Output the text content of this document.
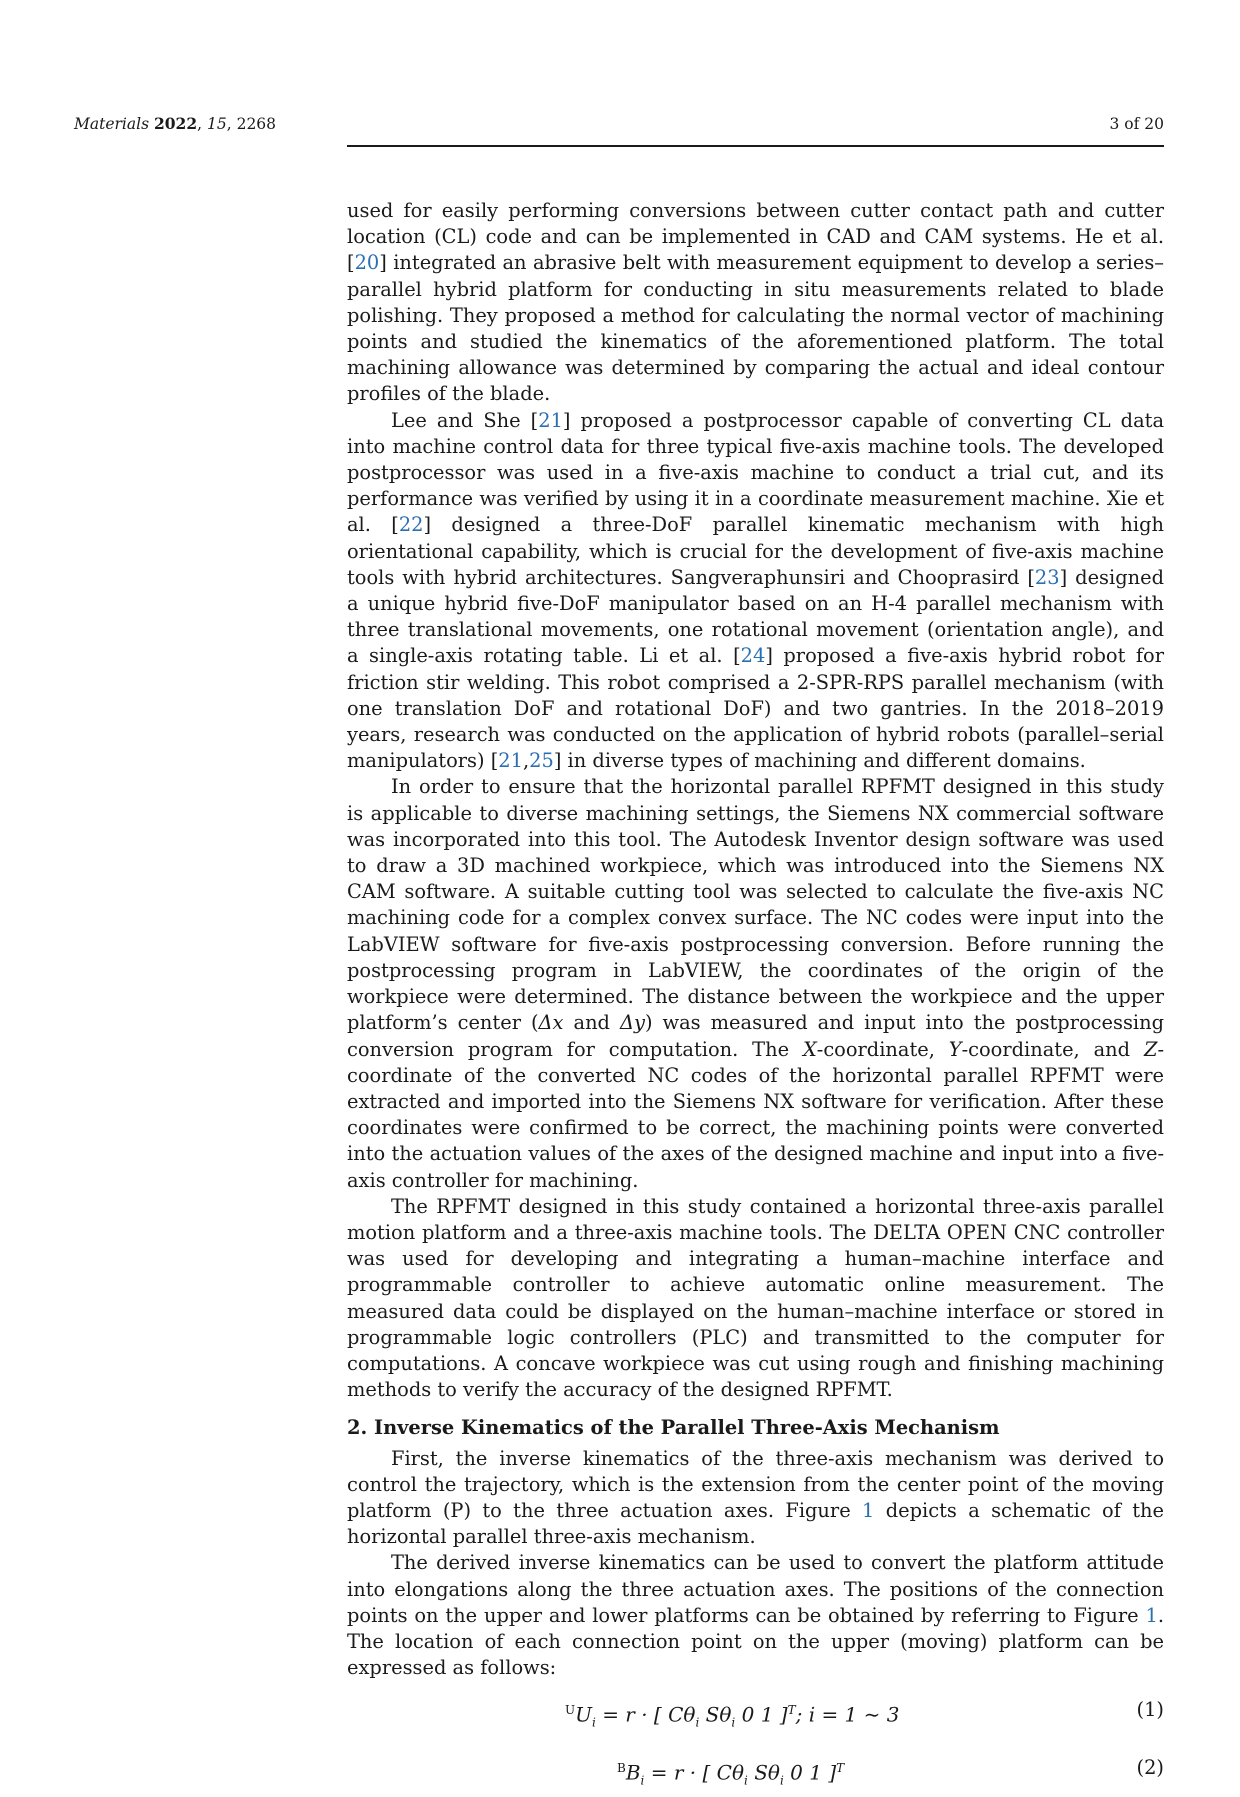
Materials 2022, 15, 2268	3 of 20

used for easily performing conversions between cutter contact path and cutter location (CL) code and can be implemented in CAD and CAM systems. He et al. [20] integrated an abrasive belt with measurement equipment to develop a series–parallel hybrid platform for conducting in situ measurements related to blade polishing. They proposed a method for calculating the normal vector of machining points and studied the kinematics of the aforementioned platform. The total machining allowance was determined by comparing the actual and ideal contour profiles of the blade.

Lee and She [21] proposed a postprocessor capable of converting CL data into machine control data for three typical five-axis machine tools. The developed postprocessor was used in a five-axis machine to conduct a trial cut, and its performance was verified by using it in a coordinate measurement machine. Xie et al. [22] designed a three-DoF parallel kinematic mechanism with high orientational capability, which is crucial for the development of five-axis machine tools with hybrid architectures. Sangveraphunsiri and Chooprasird [23] designed a unique hybrid five-DoF manipulator based on an H-4 parallel mechanism with three translational movements, one rotational movement (orientation angle), and a single-axis rotating table. Li et al. [24] proposed a five-axis hybrid robot for friction stir welding. This robot comprised a 2-SPR-RPS parallel mechanism (with one translation DoF and rotational DoF) and two gantries. In the 2018–2019 years, research was conducted on the application of hybrid robots (parallel–serial manipulators) [21,25] in diverse types of machining and different domains.

In order to ensure that the horizontal parallel RPFMT designed in this study is applicable to diverse machining settings, the Siemens NX commercial software was incorporated into this tool. The Autodesk Inventor design software was used to draw a 3D machined workpiece, which was introduced into the Siemens NX CAM software. A suitable cutting tool was selected to calculate the five-axis NC machining code for a complex convex surface. The NC codes were input into the LabVIEW software for five-axis postprocessing conversion. Before running the postprocessing program in LabVIEW, the coordinates of the origin of the workpiece were determined. The distance between the workpiece and the upper platform’s center (Δx and Δy) was measured and input into the postprocessing conversion program for computation. The X-coordinate, Y-coordinate, and Z-coordinate of the converted NC codes of the horizontal parallel RPFMT were extracted and imported into the Siemens NX software for verification. After these coordinates were confirmed to be correct, the machining points were converted into the actuation values of the axes of the designed machine and input into a five-axis controller for machining.

The RPFMT designed in this study contained a horizontal three-axis parallel motion platform and a three-axis machine tools. The DELTA OPEN CNC controller was used for developing and integrating a human–machine interface and programmable controller to achieve automatic online measurement. The measured data could be displayed on the human–machine interface or stored in programmable logic controllers (PLC) and transmitted to the computer for computations. A concave workpiece was cut using rough and finishing machining methods to verify the accuracy of the designed RPFMT.

2. Inverse Kinematics of the Parallel Three-Axis Mechanism

First, the inverse kinematics of the three-axis mechanism was derived to control the trajectory, which is the extension from the center point of the moving platform (P) to the three actuation axes. Figure 1 depicts a schematic of the horizontal parallel three-axis mechanism.

The derived inverse kinematics can be used to convert the platform attitude into elongations along the three actuation axes. The positions of the connection points on the upper and lower platforms can be obtained by referring to Figure 1. The location of each connection point on the upper (moving) platform can be expressed as follows:

$^UU_i = r$ · [ $C\theta_i$ $S\theta_i$ 0 1 ]$^T$; i = 1 ∼ 3	(1)
$^BB_i = r$ · [ $C\theta_i$ $S\theta_i$ 0 1 ]$^T$	(2)
